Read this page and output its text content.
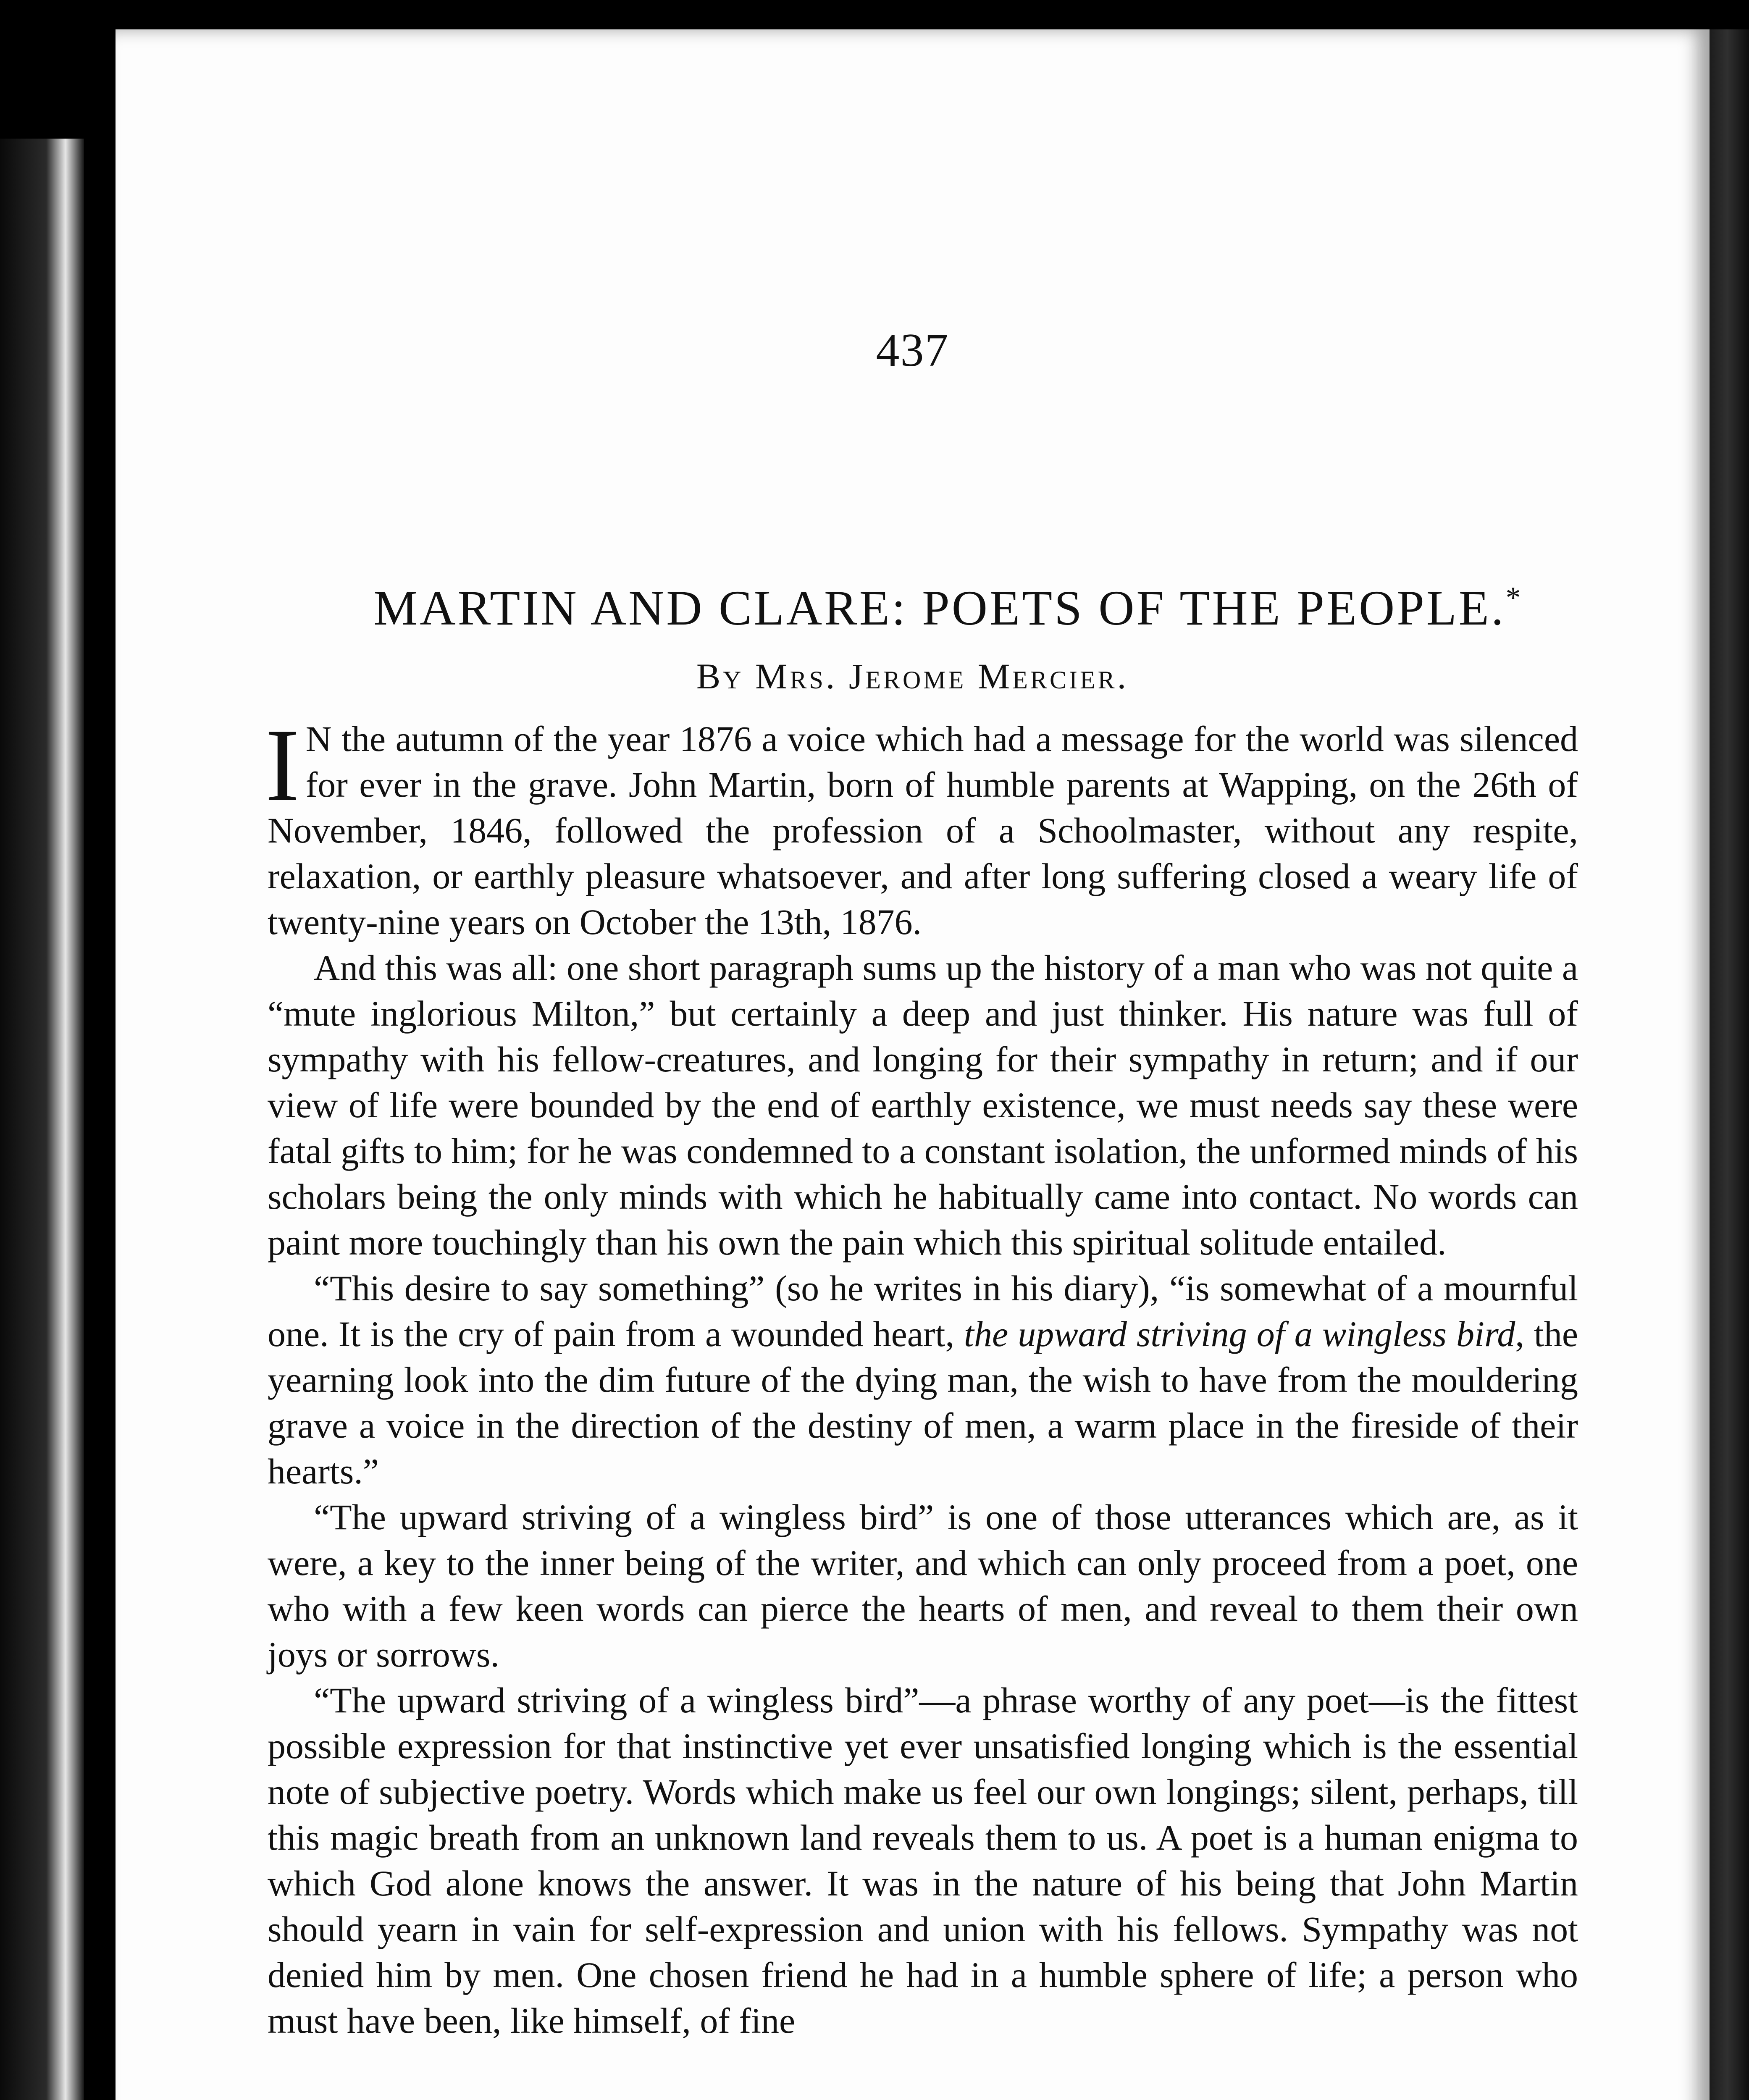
437
MARTIN AND CLARE: POETS OF THE PEOPLE.*
By Mrs. Jerome Mercier.

I N the autumn of the year 1876 a voice which had a message for the world was silenced for ever in the grave. John Martin, born of humble parents at Wapping, on the 26th of November, 1846, followed the profession of a Schoolmaster, without any respite, relaxation, or earthly pleasure whatsoever, and after long suffering closed a weary life of twenty-nine years on October the 13th, 1876.

And this was all: one short paragraph sums up the history of a man who was not quite a “mute inglorious Milton,” but certainly a deep and just thinker. His nature was full of sympathy with his fellow-creatures, and longing for their sympathy in return; and if our view of life were bounded by the end of earthly existence, we must needs say these were fatal gifts to him; for he was condemned to a constant isolation, the unformed minds of his scholars being the only minds with which he habitually came into contact. No words can paint more touchingly than his own the pain which this spiritual solitude entailed.

“This desire to say something” (so he writes in his diary), “is somewhat of a mournful one. It is the cry of pain from a wounded heart, the upward striving of a wingless bird, the yearning look into the dim future of the dying man, the wish to have from the mouldering grave a voice in the direction of the destiny of men, a warm place in the fireside of their hearts.”

“The upward striving of a wingless bird” is one of those utterances which are, as it were, a key to the inner being of the writer, and which can only proceed from a poet, one who with a few keen words can pierce the hearts of men, and reveal to them their own joys or sorrows.

“The upward striving of a wingless bird”—a phrase worthy of any poet—is the fittest possible expression for that instinctive yet ever unsatisfied longing which is the essential note of subjective poetry. Words which make us feel our own longings; silent, perhaps, till this magic breath from an unknown land reveals them to us. A poet is a human enigma to which God alone knows the answer. It was in the nature of his being that John Martin should yearn in vain for self-expression and union with his fellows. Sympathy was not denied him by men. One chosen friend he had in a humble sphere of life; a person who must have been, like himself, of fine
